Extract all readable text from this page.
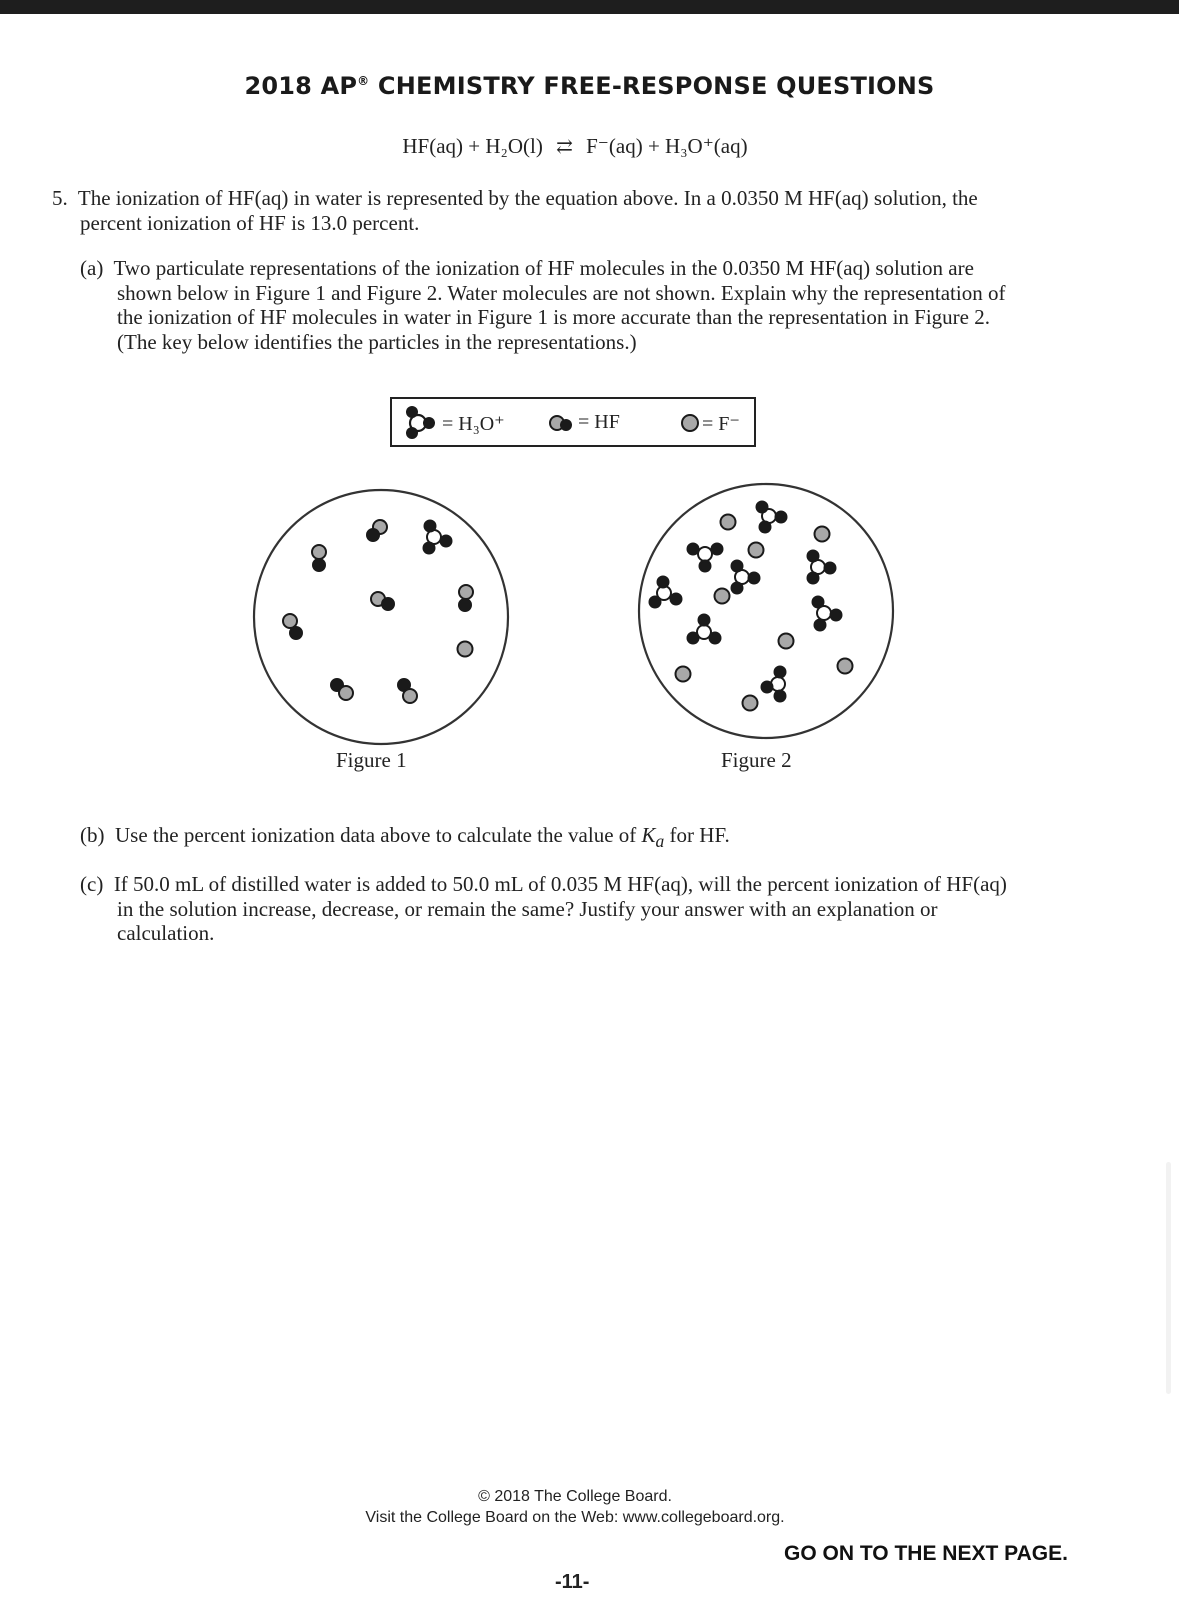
2018 AP® CHEMISTRY FREE-RESPONSE QUESTIONS
HF(aq) + H₂O(l) ⇄ F⁻(aq) + H₃O⁺(aq)
5. The ionization of HF(aq) in water is represented by the equation above. In a 0.0350 M HF(aq) solution, the
percent ionization of HF is 13.0 percent.
(a) Two particulate representations of the ionization of HF molecules in the 0.0350 M HF(aq) solution are
shown below in Figure 1 and Figure 2. Water molecules are not shown. Explain why the representation of
the ionization of HF molecules in water in Figure 1 is more accurate than the representation in Figure 2.
(The key below identifies the particles in the representations.)
= H₃O⁺	= HF	= F⁻
Figure 1	Figure 2
(b) Use the percent ionization data above to calculate the value of $K_a$ for HF.
(c) If 50.0 mL of distilled water is added to 50.0 mL of 0.035 M HF(aq), will the percent ionization of HF(aq)
in the solution increase, decrease, or remain the same? Justify your answer with an explanation or
calculation.
© 2018 The College Board.
Visit the College Board on the Web: www.collegeboard.org.
GO ON TO THE NEXT PAGE.
-11-
